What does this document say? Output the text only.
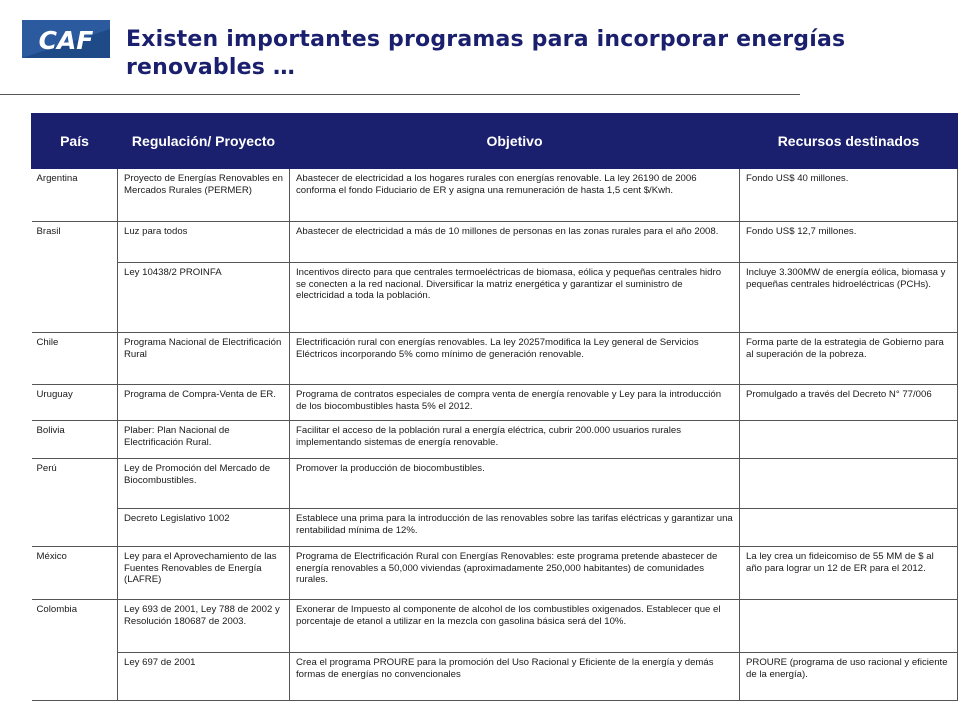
CAF Existen importantes programas para incorporar energías renovables …
País	Regulación/ Proyecto	Objetivo	Recursos destinados
Argentina	Proyecto de Energías Renovables en Mercados Rurales (PERMER)	Abastecer de electricidad a los hogares rurales con energías renovable. La ley 26190 de 2006 conforma el fondo Fiduciario de ER y asigna una remuneración de hasta 1,5 cent $/Kwh.	Fondo US$ 40 millones.
Brasil	Luz para todos	Abastecer de electricidad a más de 10 millones de personas en las zonas rurales para el año 2008.	Fondo US$ 12,7 millones.
	Ley 10438/2 PROINFA	Incentivos directo para que centrales termoeléctricas de biomasa, eólica y pequeñas centrales hidro se conecten a la red nacional. Diversificar la matriz energética y garantizar el suministro de electricidad a toda la población.	Incluye 3.300MW de energía eólica, biomasa y pequeñas centrales hidroeléctricas (PCHs).
Chile	Programa Nacional de Electrificación Rural	Electrificación rural con energías renovables. La ley 20257modifica la Ley general de Servicios Eléctricos incorporando 5% como mínimo de generación renovable.	Forma parte de la estrategia de Gobierno para al superación de la pobreza.
Uruguay	Programa de Compra-Venta de ER.	Programa de contratos especiales de compra venta de energía renovable y Ley para la introducción de los biocombustibles hasta 5% el 2012.	Promulgado a través del Decreto N° 77/006
Bolivia	Plaber: Plan Nacional de Electrificación Rural.	Facilitar el acceso de la población rural a energía eléctrica, cubrir 200.000 usuarios rurales implementando sistemas de energía renovable.	
Perú	Ley de Promoción del Mercado de Biocombustibles.	Promover la producción de biocombustibles.	
	Decreto Legislativo 1002	Establece una prima para la introducción de las renovables sobre las tarifas eléctricas y garantizar una rentabilidad mínima de 12%.	
México	Ley para el Aprovechamiento de las Fuentes Renovables de Energía (LAFRE)	Programa de Electrificación Rural con Energías Renovables: este programa pretende abastecer de energía renovables a 50,000 viviendas (aproximadamente 250,000 habitantes) de comunidades rurales.	La ley crea un fideicomiso de 55 MM de $ al año para lograr un 12 de ER para el 2012.
Colombia	Ley 693 de 2001, Ley 788 de 2002 y Resolución 180687 de 2003.	Exonerar de Impuesto al componente de alcohol de los combustibles oxigenados. Establecer que el porcentaje de etanol a utilizar en la mezcla con gasolina básica será del 10%.	
	Ley 697 de 2001	Crea el programa PROURE para la promoción del Uso Racional y Eficiente de la energía y demás formas de energías no convencionales	PROURE (programa de uso racional y eficiente de la energía).
